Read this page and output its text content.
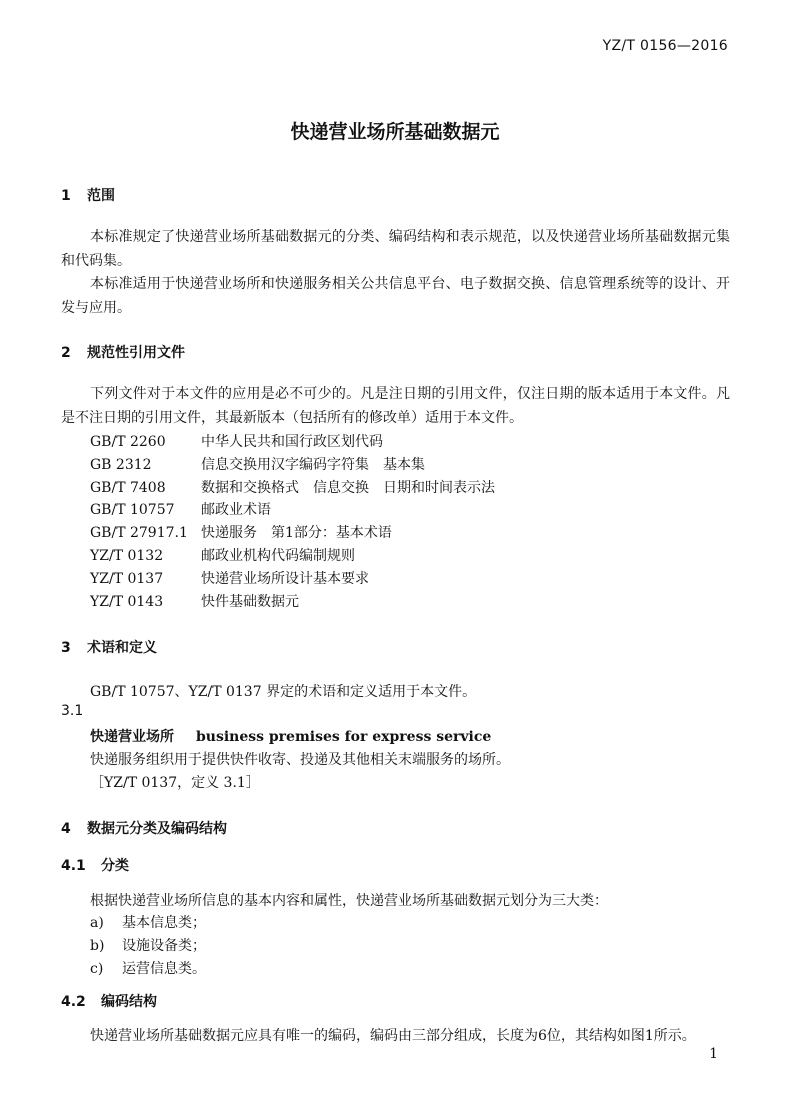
YZ/T 0156—2016
快递营业场所基础数据元
1 范围

本标准规定了快递营业场所基础数据元的分类、编码结构和表示规范，以及快递营业场所基础数据元集和代码集。

本标准适用于快递营业场所和快递服务相关公共信息平台、电子数据交换、信息管理系统等的设计、开发与应用。

2 规范性引用文件

下列文件对于本文件的应用是必不可少的。凡是注日期的引用文件，仅注日期的版本适用于本文件。凡是不注日期的引用文件，其最新版本（包括所有的修改单）适用于本文件。

GB/T 2260	中华人民共和国行政区划代码
GB 2312	信息交换用汉字编码字符集　基本集
GB/T 7408	数据和交换格式　信息交换　日期和时间表示法
GB/T 10757 邮政业术语
GB/T 27917.1 快递服务　第1部分：基本术语
YZ/T 0132	邮政业机构代码编制规则
YZ/T 0137	快递营业场所设计基本要求
YZ/T 0143	快件基础数据元
3 术语和定义
GB/T 10757、YZ/T 0137 界定的术语和定义适用于本文件。
3.1
快递营业场所 business premises for express service
快递服务组织用于提供快件收寄、投递及其他相关末端服务的场所。
［YZ/T 0137，定义 3.1］
4 数据元分类及编码结构
4.1 分类
根据快递营业场所信息的基本内容和属性，快递营业场所基础数据元划分为三大类：
a) 基本信息类；
b) 设施设备类；
c) 运营信息类。
4.2 编码结构
快递营业场所基础数据元应具有唯一的编码，编码由三部分组成，长度为6位，其结构如图1所示。
1
